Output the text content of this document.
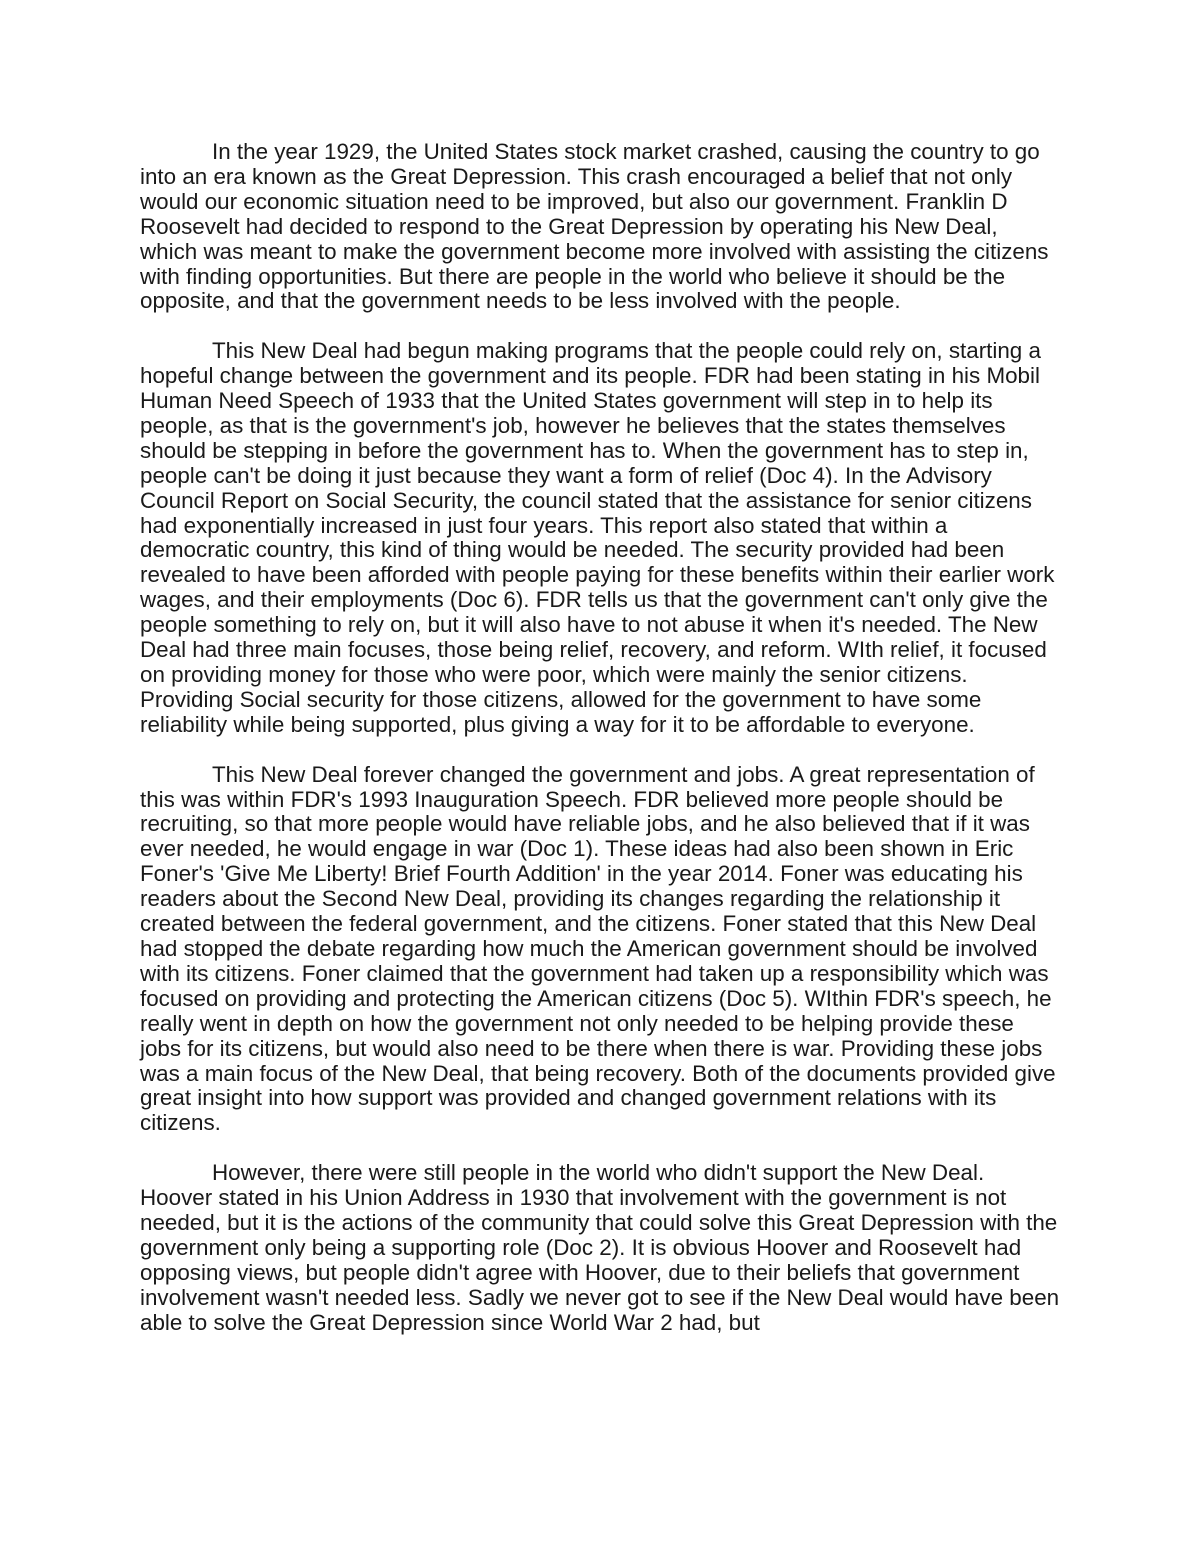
In the year 1929, the United States stock market crashed, causing the country to go into an era known as the Great Depression. This crash encouraged a belief that not only would our economic situation need to be improved, but also our government. Franklin D Roosevelt had decided to respond to the Great Depression by operating his New Deal, which was meant to make the government become more involved with assisting the citizens with finding opportunities. But there are people in the world who believe it should be the opposite, and that the government needs to be less involved with the people.

This New Deal had begun making programs that the people could rely on, starting a hopeful change between the government and its people. FDR had been stating in his Mobil Human Need Speech of 1933 that the United States government will step in to help its people, as that is the government's job, however he believes that the states themselves should be stepping in before the government has to. When the government has to step in, people can't be doing it just because they want a form of relief (Doc 4). In the Advisory Council Report on Social Security, the council stated that the assistance for senior citizens had exponentially increased in just four years. This report also stated that within a democratic country, this kind of thing would be needed. The security provided had been revealed to have been afforded with people paying for these benefits within their earlier work wages, and their employments (Doc 6). FDR tells us that the government can't only give the people something to rely on, but it will also have to not abuse it when it's needed. The New Deal had three main focuses, those being relief, recovery, and reform. WIth relief, it focused on providing money for those who were poor, which were mainly the senior citizens. Providing Social security for those citizens, allowed for the government to have some reliability while being supported, plus giving a way for it to be affordable to everyone.

This New Deal forever changed the government and jobs. A great representation of this was within FDR's 1993 Inauguration Speech. FDR believed more people should be recruiting, so that more people would have reliable jobs, and he also believed that if it was ever needed, he would engage in war (Doc 1). These ideas had also been shown in Eric Foner's 'Give Me Liberty! Brief Fourth Addition' in the year 2014. Foner was educating his readers about the Second New Deal, providing its changes regarding the relationship it created between the federal government, and the citizens. Foner stated that this New Deal had stopped the debate regarding how much the American government should be involved with its citizens. Foner claimed that the government had taken up a responsibility which was focused on providing and protecting the American citizens (Doc 5). WIthin FDR's speech, he really went in depth on how the government not only needed to be helping provide these jobs for its citizens, but would also need to be there when there is war. Providing these jobs was a main focus of the New Deal, that being recovery. Both of the documents provided give great insight into how support was provided and changed government relations with its citizens.

However, there were still people in the world who didn't support the New Deal. Hoover stated in his Union Address in 1930 that involvement with the government is not needed, but it is the actions of the community that could solve this Great Depression with the government only being a supporting role (Doc 2). It is obvious Hoover and Roosevelt had opposing views, but people didn't agree with Hoover, due to their beliefs that government involvement wasn't needed less. Sadly we never got to see if the New Deal would have been able to solve the Great Depression since World War 2 had, but
